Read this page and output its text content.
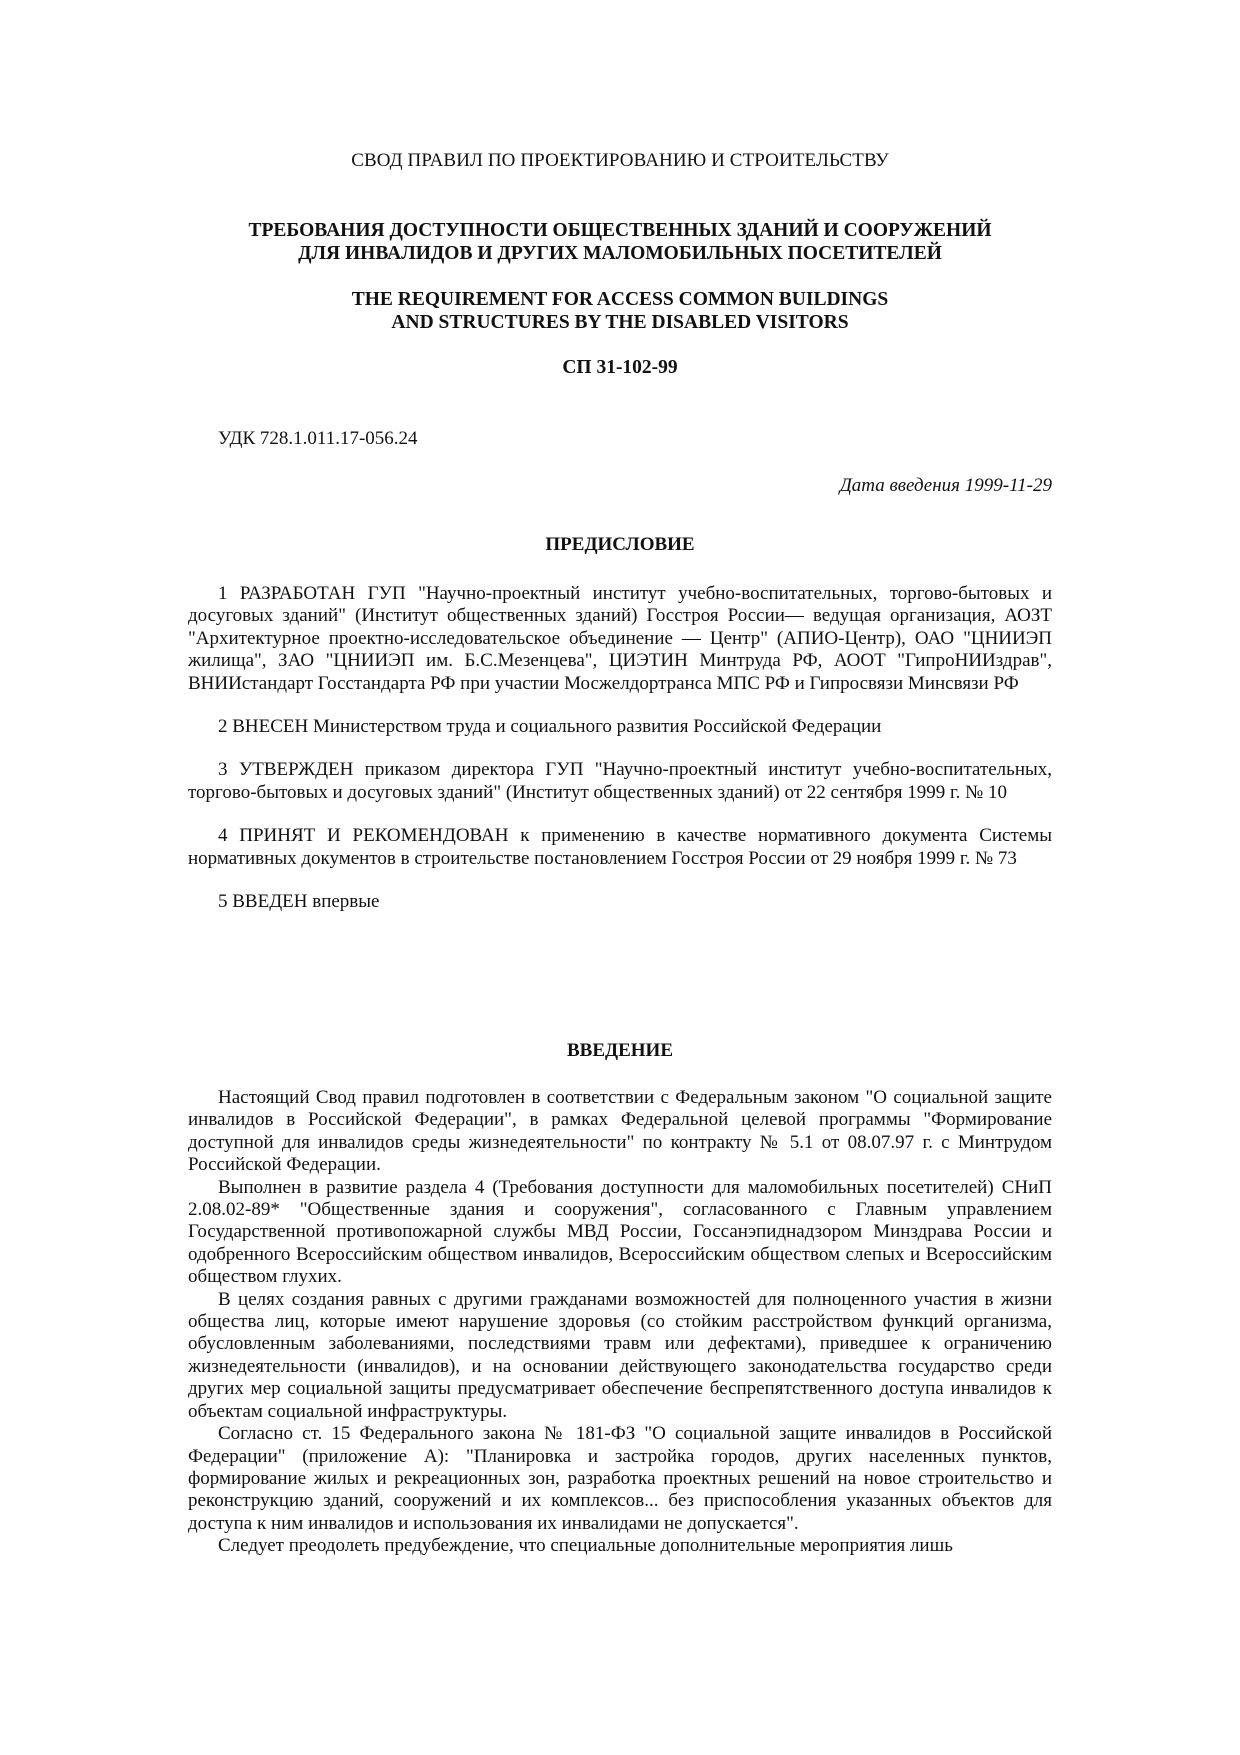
СВОД ПРАВИЛ ПО ПРОЕКТИРОВАНИЮ И СТРОИТЕЛЬСТВУ
ТРЕБОВАНИЯ ДОСТУПНОСТИ ОБЩЕСТВЕННЫХ ЗДАНИЙ И СООРУЖЕНИЙ
ДЛЯ ИНВАЛИДОВ И ДРУГИХ МАЛОМОБИЛЬНЫХ ПОСЕТИТЕЛЕЙ
THE REQUIREMENT FOR ACCESS COMMON BUILDINGS
AND STRUCTURES BY THE DISABLED VISITORS
СП 31-102-99
УДК 728.1.011.17-056.24
Дата введения 1999-11-29
ПРЕДИСЛОВИЕ

1 РАЗРАБОТАН ГУП "Научно-проектный институт учебно-воспитательных, торгово-бытовых и досуговых зданий" (Институт общественных зданий) Госстроя России— ведущая организация, АОЗТ "Архитектурное проектно-исследовательское объединение — Центр" (АПИО-Центр), ОАО "ЦНИИЭП жилища", ЗАО "ЦНИИЭП им. Б.С.Мезенцева", ЦИЭТИН Минтруда РФ, АООТ "ГипроНИИздрав", ВНИИстандарт Госстандарта РФ при участии Мосжелдортранса МПС РФ и Гипросвязи Минсвязи РФ

2 ВНЕСЕН Министерством труда и социального развития Российской Федерации

3 УТВЕРЖДЕН приказом директора ГУП "Научно-проектный институт учебно-воспитательных, торгово-бытовых и досуговых зданий" (Институт общественных зданий) от 22 сентября 1999 г. № 10

4 ПРИНЯТ И РЕКОМЕНДОВАН к применению в качестве нормативного документа Системы нормативных документов в строительстве постановлением Госстроя России от 29 ноября 1999 г. № 73

5 ВВЕДЕН впервые

ВВЕДЕНИЕ

Настоящий Свод правил подготовлен в соответствии с Федеральным законом "О социальной защите инвалидов в Российской Федерации", в рамках Федеральной целевой программы "Формирование доступной для инвалидов среды жизнедеятельности" по контракту № 5.1 от 08.07.97 г. с Минтрудом Российской Федерации.

Выполнен в развитие раздела 4 (Требования доступности для маломобильных посетителей) СНиП 2.08.02-89* "Общественные здания и сооружения", согласованного с Главным управлением Государственной противопожарной службы МВД России, Госсанэпиднадзором Минздрава России и одобренного Всероссийским обществом инвалидов, Всероссийским обществом слепых и Всероссийским обществом глухих.

В целях создания равных с другими гражданами возможностей для полноценного участия в жизни общества лиц, которые имеют нарушение здоровья (со стойким расстройством функций организма, обусловленным заболеваниями, последствиями травм или дефектами), приведшее к ограничению жизнедеятельности (инвалидов), и на основании действующего законодательства государство среди других мер социальной защиты предусматривает обеспечение беспрепятственного доступа инвалидов к объектам социальной инфраструктуры.

Согласно ст. 15 Федерального закона № 181-ФЗ "О социальной защите инвалидов в Российской Федерации" (приложение А): "Планировка и застройка городов, других населенных пунктов, формирование жилых и рекреационных зон, разработка проектных решений на новое строительство и реконструкцию зданий, сооружений и их комплексов... без приспособления указанных объектов для доступа к ним инвалидов и использования их инвалидами не допускается".

Следует преодолеть предубеждение, что специальные дополнительные мероприятия лишь
